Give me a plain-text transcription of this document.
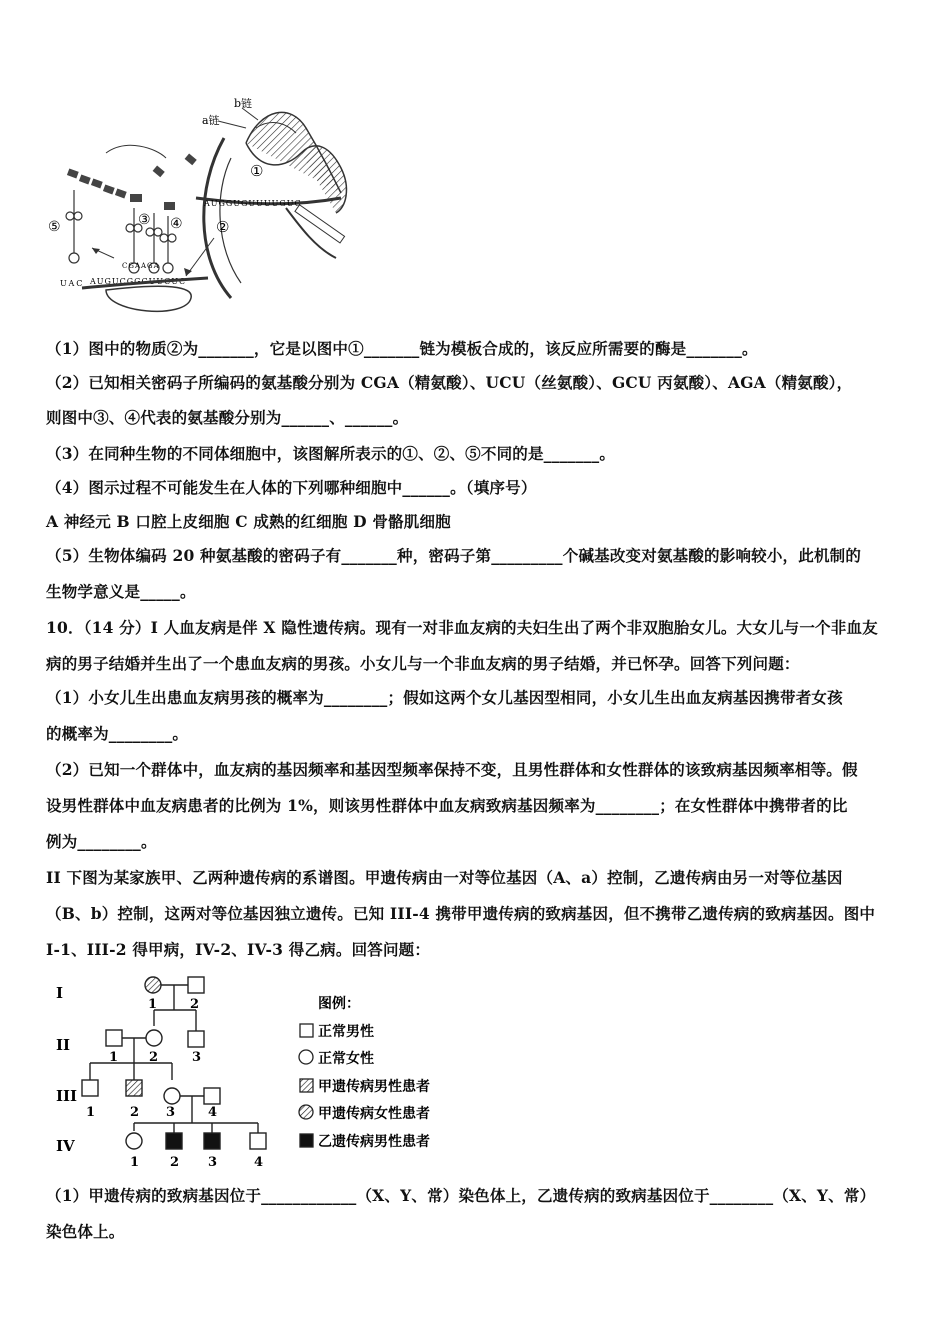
b链
a链
①
AUGGUGUUUUGUC
②
③ ④
⑤
UAC
CGAAGA
AUGUCGGCUUCUC
（1）图中的物质②为_______，它是以图中①_______链为模板合成的，该反应所需要的酶是_______。
（2）已知相关密码子所编码的氨基酸分别为 CGA（精氨酸）、UCU（丝氨酸）、GCU 丙氨酸）、AGA（精氨酸），
则图中③、④代表的氨基酸分别为______、______。
（3）在同种生物的不同体细胞中，该图解所表示的①、②、⑤不同的是_______。
（4）图示过程不可能发生在人体的下列哪种细胞中______。（填序号）
A 神经元 B 口腔上皮细胞 C 成熟的红细胞 D 骨骼肌细胞
（5）生物体编码 20 种氨基酸的密码子有_______种，密码子第_________个碱基改变对氨基酸的影响较小，此机制的
生物学意义是_____。
10．（14 分）I 人血友病是伴 X 隐性遗传病。现有一对非血友病的夫妇生出了两个非双胞胎女儿。大女儿与一个非血友
病的男子结婚并生出了一个患血友病的男孩。小女儿与一个非血友病的男子结婚，并已怀孕。回答下列问题：
（1）小女儿生出患血友病男孩的概率为________；假如这两个女儿基因型相同，小女儿生出血友病基因携带者女孩
的概率为________。
（2）已知一个群体中，血友病的基因频率和基因型频率保持不变，且男性群体和女性群体的该致病基因频率相等。假
设男性群体中血友病患者的比例为 1%，则该男性群体中血友病致病基因频率为________；在女性群体中携带者的比
例为________。
II 下图为某家族甲、乙两种遗传病的系谱图。甲遗传病由一对等位基因（A、a）控制，乙遗传病由另一对等位基因
（B、b）控制，这两对等位基因独立遗传。已知 III-4 携带甲遗传病的致病基因，但不携带乙遗传病的致病基因。图中
I-1、III-2 得甲病，IV-2、IV-3 得乙病。回答问题：
I
II
III
IV
1	2
1 2	3
1	2 3	4
1 2 3	4
图例：
正常男性
正常女性
甲遗传病男性患者
甲遗传病女性患者
乙遗传病男性患者
（1）甲遗传病的致病基因位于____________（X、Y、常）染色体上，乙遗传病的致病基因位于________（X、Y、常）
染色体上。
